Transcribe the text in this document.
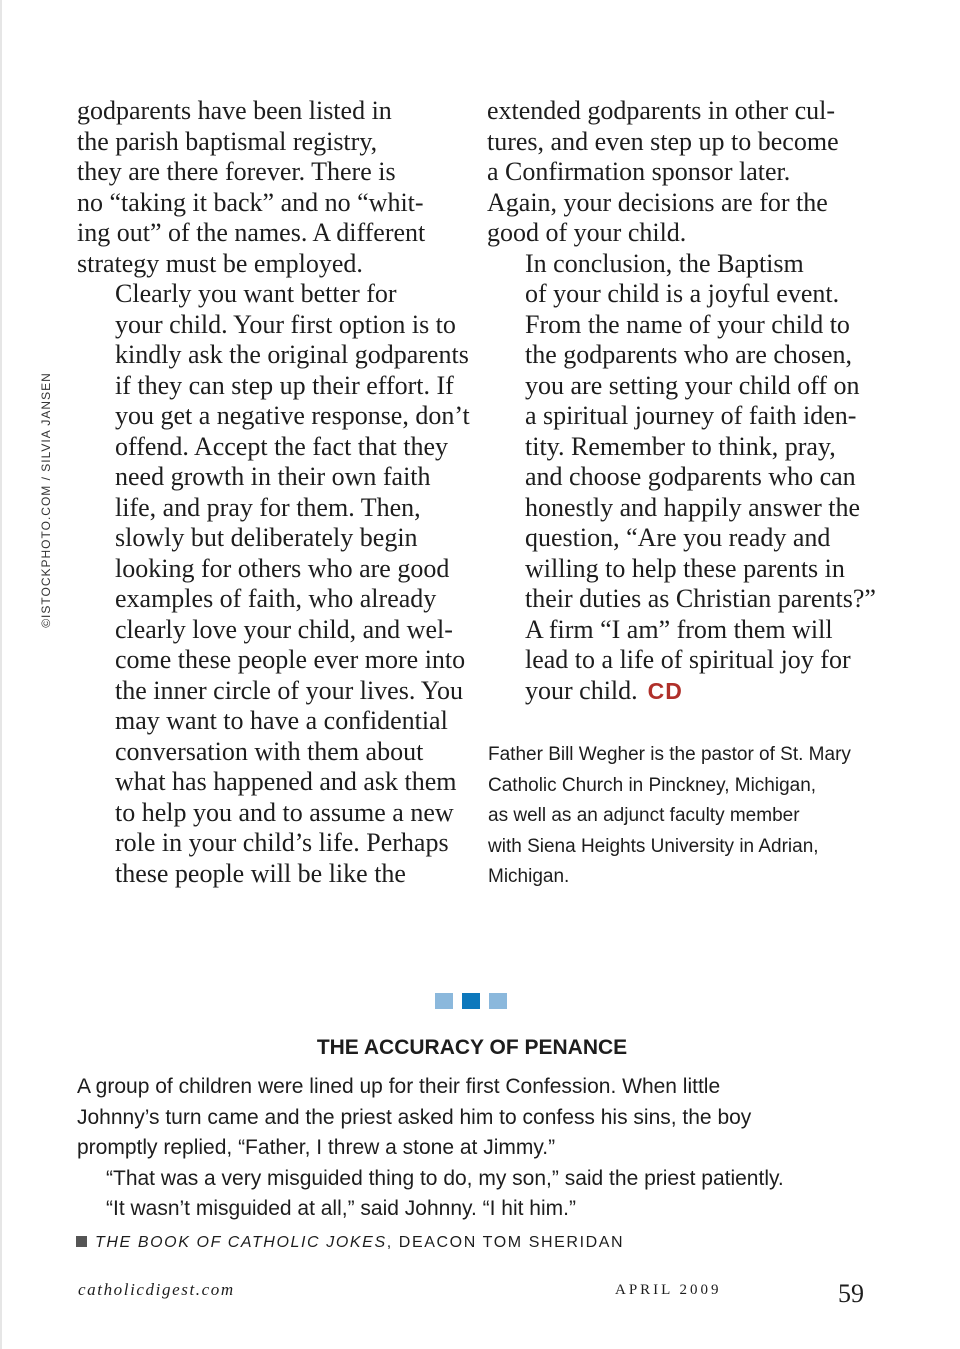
©ISTOCKPHOTO.COM / SILVIA JANSEN

godparents have been listed in
the parish baptismal registry,
they are there forever. There is
no “taking it back” and no “whit-
ing out” of the names. A different
strategy must be employed.

Clearly you want better for
your child. Your first option is to
kindly ask the original godparents
if they can step up their effort. If
you get a negative response, don’t
offend. Accept the fact that they
need growth in their own faith
life, and pray for them. Then,
slowly but deliberately begin
looking for others who are good
examples of faith, who already
clearly love your child, and wel-
come these people ever more into
the inner circle of your lives. You
may want to have a confidential
conversation with them about
what has happened and ask them
to help you and to assume a new
role in your child’s life. Perhaps
these people will be like the

extended godparents in other cul-
tures, and even step up to become
a Confirmation sponsor later.
Again, your decisions are for the
good of your child.

In conclusion, the Baptism
of your child is a joyful event.
From the name of your child to
the godparents who are chosen,
you are setting your child off on
a spiritual journey of faith iden-
tity. Remember to think, pray,
and choose godparents who can
honestly and happily answer the
question, “Are you ready and
willing to help these parents in
their duties as Christian parents?”
A firm “I am” from them will
lead to a life of spiritual joy for
your child. CD

Father Bill Wegher is the pastor of St. Mary
Catholic Church in Pinckney, Michigan,
as well as an adjunct faculty member
with Siena Heights University in Adrian,
Michigan.
THE ACCURACY OF PENANCE

A group of children were lined up for their first Confession. When little
Johnny’s turn came and the priest asked him to confess his sins, the boy
promptly replied, “Father, I threw a stone at Jimmy.”

“That was a very misguided thing to do, my son,” said the priest patiently.

“It wasn’t misguided at all,” said Johnny. “I hit him.”

THE BOOK OF CATHOLIC JOKES, DEACON TOM SHERIDAN
catholicdigest.com	APRIL 2009	59
